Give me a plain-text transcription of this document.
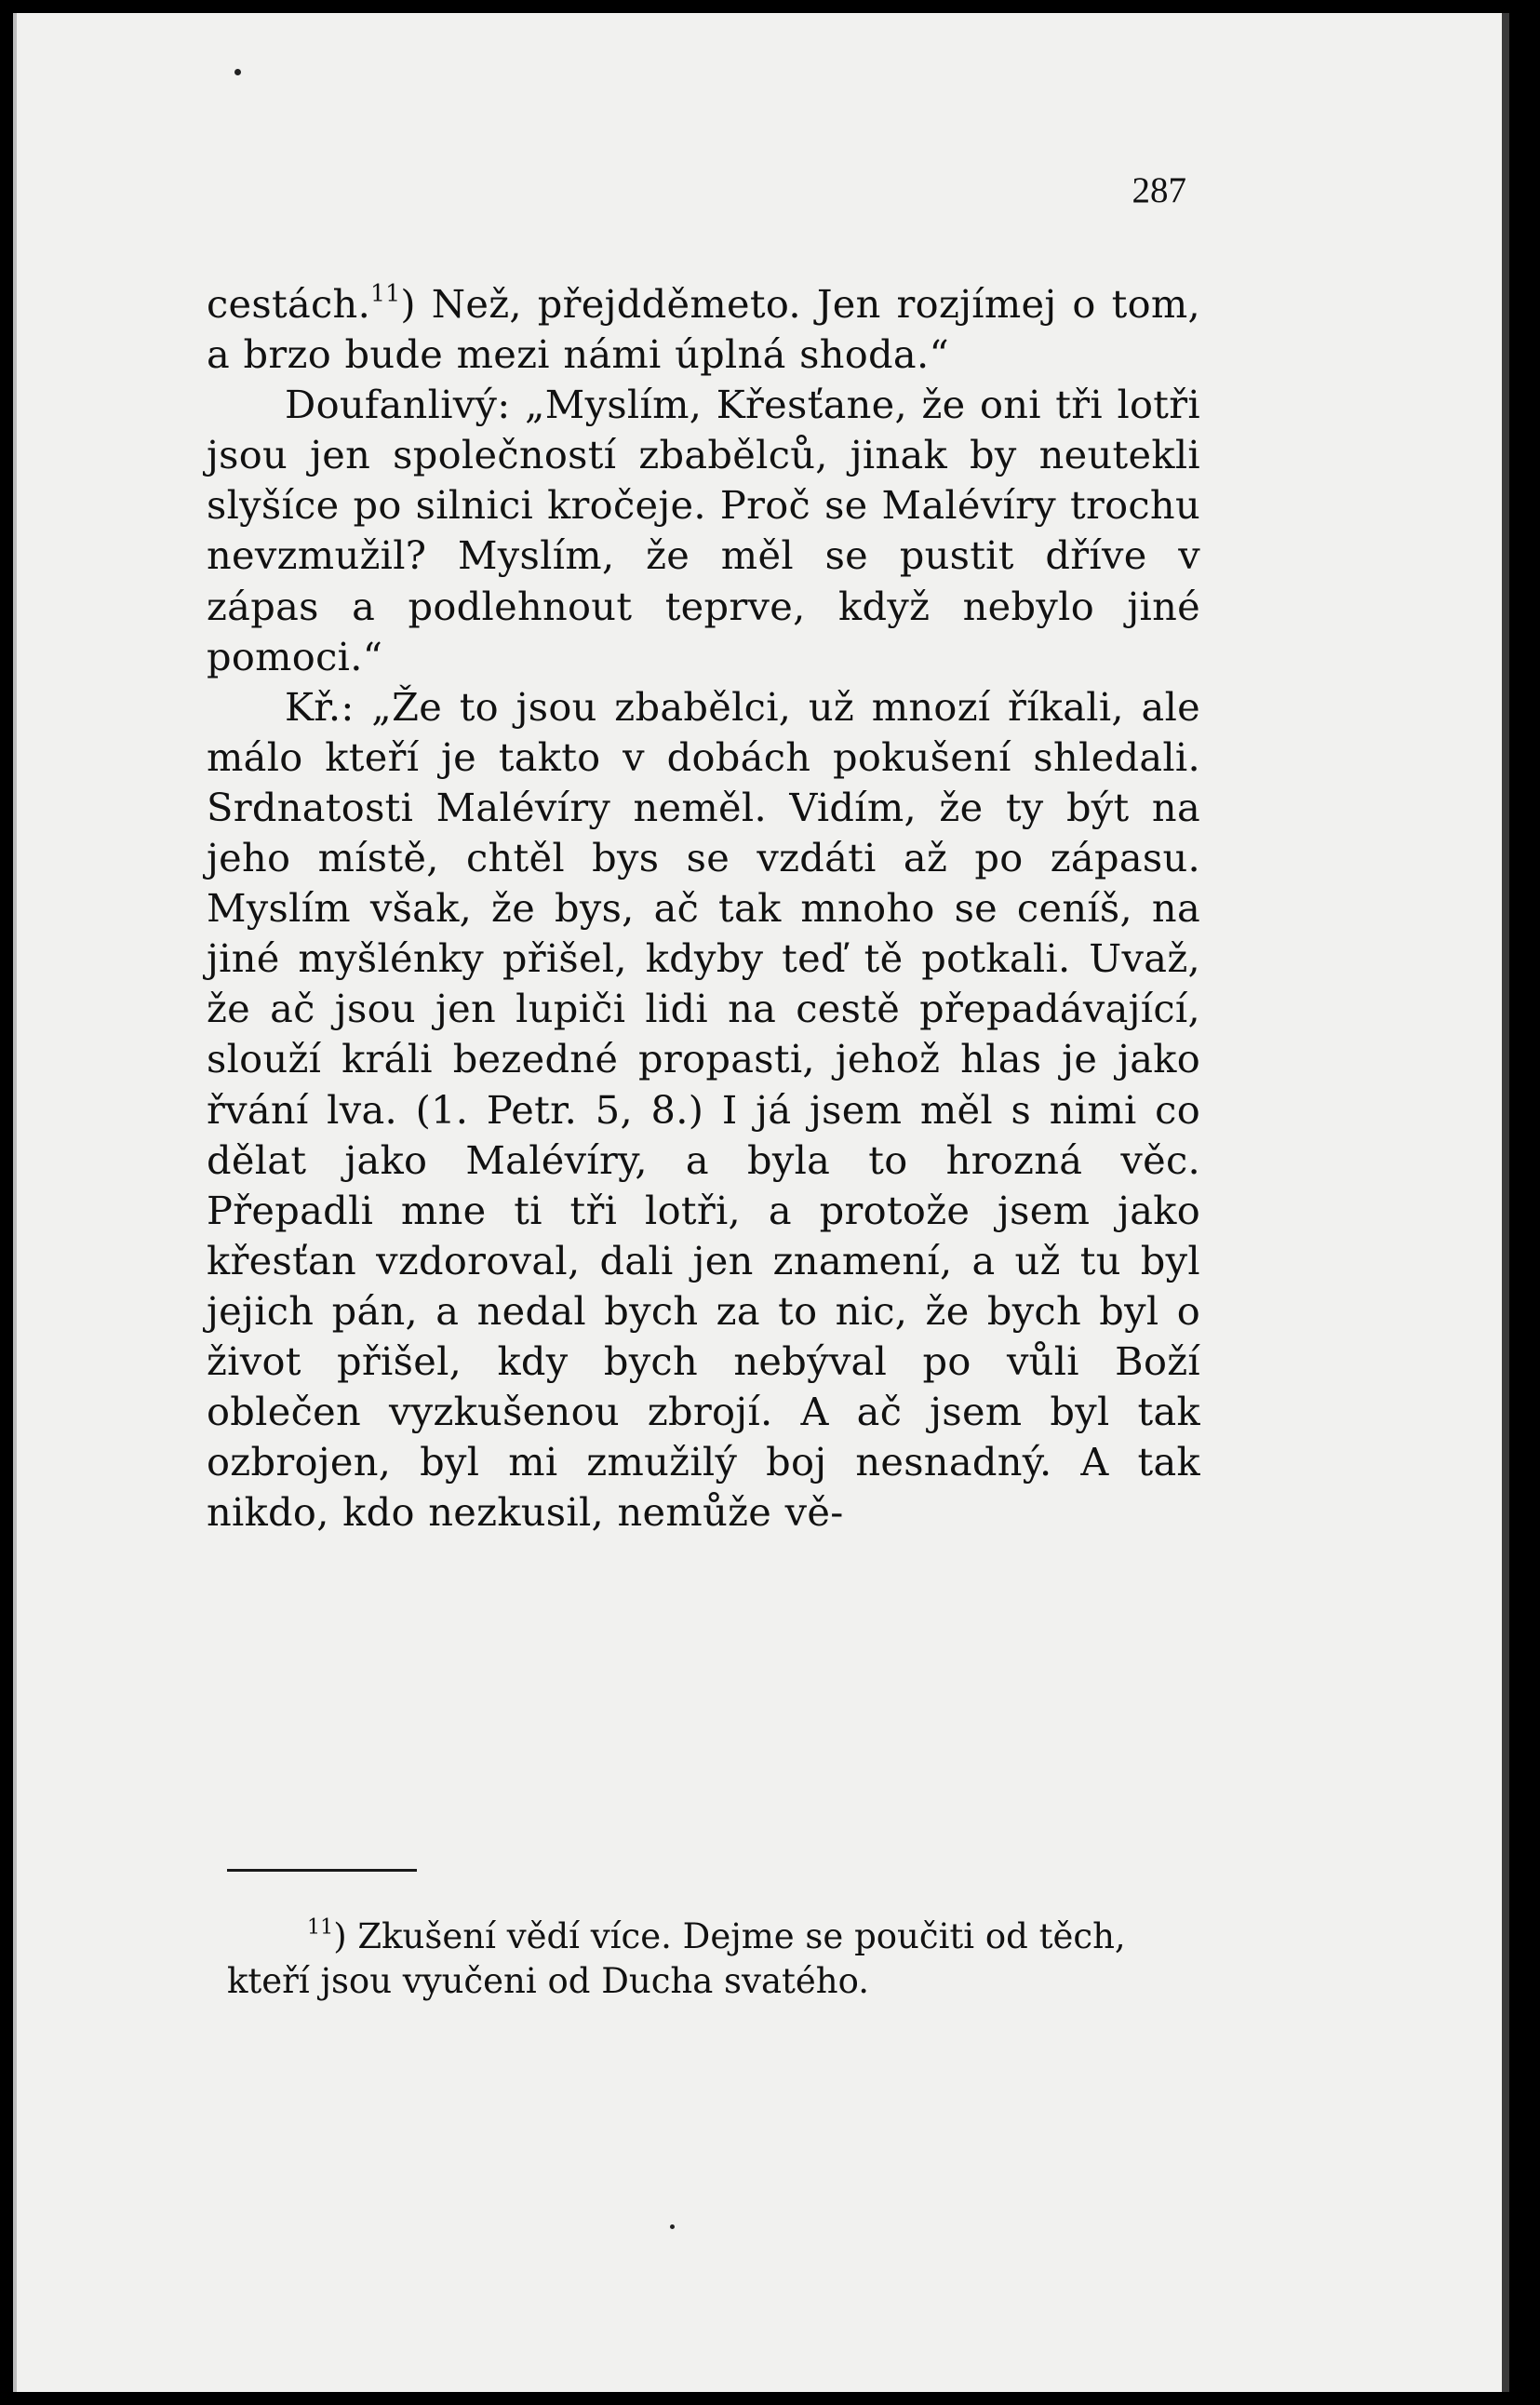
287

cestách.$^{11}$) Než, přejdděmeto. Jen rozjímej o tom, a brzo bude mezi námi úplná shoda.“

Doufanlivý: „Myslím, Křesťane, že oni tři lotři jsou jen společností zbabělců, jinak by neutekli slyšíce po silnici kročeje. Proč se Malévíry trochu nevzmužil? Myslím, že měl se pustit dříve v zápas a podlehnout teprve, když nebylo jiné pomoci.“

Kř.: „Že to jsou zbabělci, už mnozí říkali, ale málo kteří je takto v dobách pokušení shledali. Srdnatosti Malévíry neměl. Vidím, že ty být na jeho místě, chtěl bys se vzdáti až po zápasu. Myslím však, že bys, ač tak mnoho se ceníš, na jiné myšlénky přišel, kdyby teď tě potkali. Uvaž, že ač jsou jen lupiči lidi na cestě přepadávající, slouží králi bezedné propasti, jehož hlas je jako řvání lva. (1. Petr. 5, 8.) I já jsem měl s nimi co dělat jako Malévíry, a byla to hrozná věc. Přepadli mne ti tři lotři, a protože jsem jako křesťan vzdoroval, dali jen znamení, a už tu byl jejich pán, a nedal bych za to nic, že bych byl o život přišel, kdy bych nebýval po vůli Boží oblečen vyzkušenou zbrojí. A ač jsem byl tak ozbrojen, byl mi zmužilý boj nesnadný. A tak nikdo, kdo nezkusil, nemůže vě-

$^{11}$) Zkušení vědí více. Dejme se poučiti od těch, kteří jsou vyučeni od Ducha svatého.
